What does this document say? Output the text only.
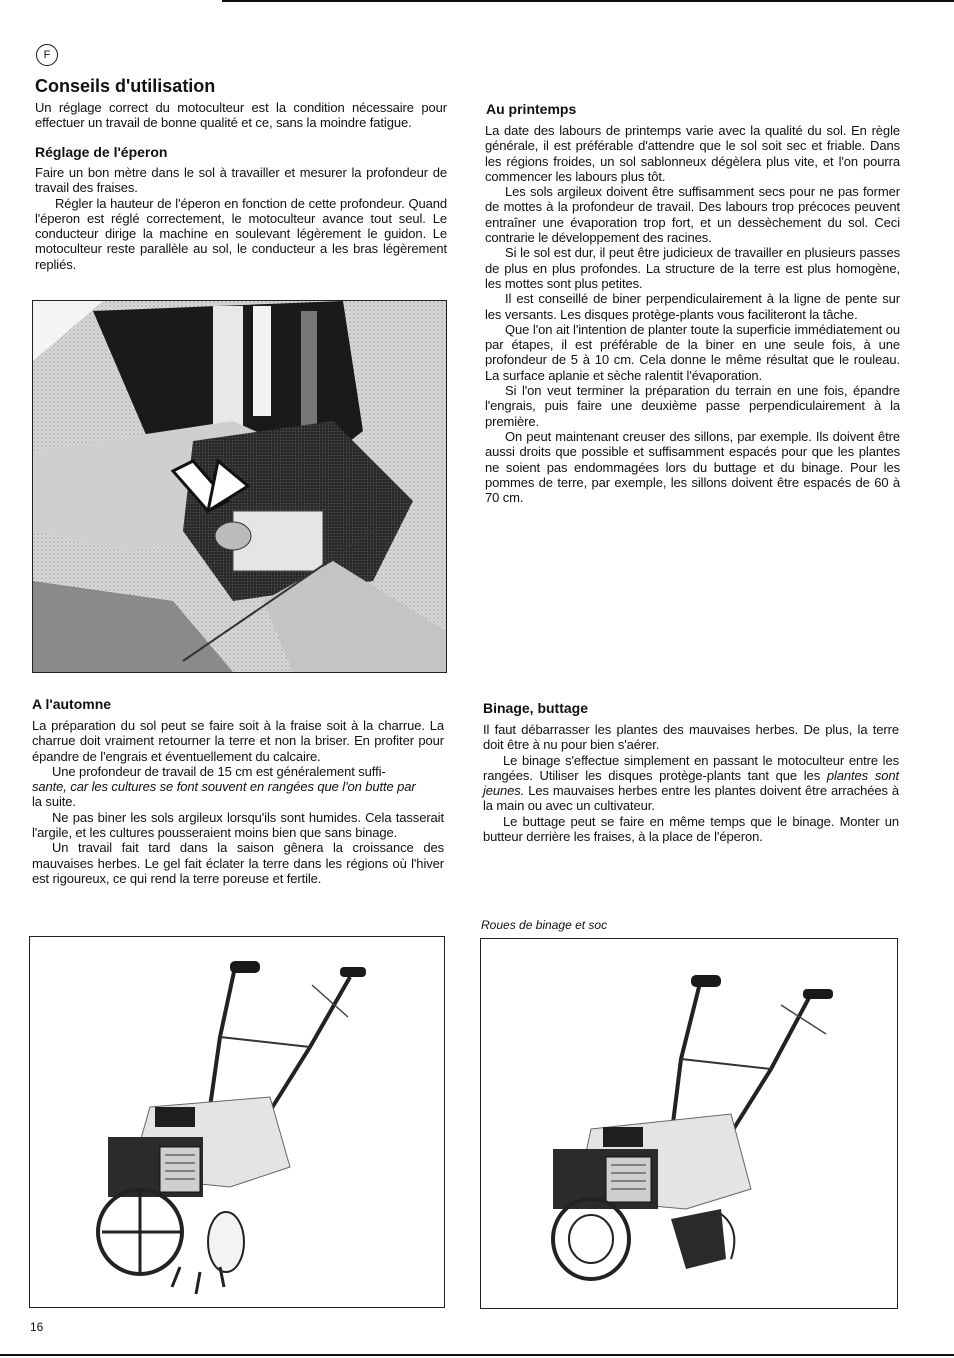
F
Conseils d'utilisation

Un réglage correct du motoculteur est la condition nécessaire pour effectuer un travail de bonne qualité et ce, sans la moindre fatigue.

Réglage de l'éperon

Faire un bon mètre dans le sol à travailler et mesurer la profondeur de travail des fraises.

Régler la hauteur de l'éperon en fonction de cette profondeur. Quand l'éperon est réglé correctement, le motoculteur avance tout seul. Le conducteur dirige la machine en soulevant légèrement le guidon. Le motoculteur reste parallèle au sol, le conducteur a les bras légèrement repliés.

A l'automne

La préparation du sol peut se faire soit à la fraise soit à la charrue. La charrue doit vraiment retourner la terre et non la briser. En profiter pour épandre de l'engrais et éventuellement du calcaire.

Une profondeur de travail de 15 cm est généralement suffi-

sante, car les cultures se font souvent en rangées que l'on butte par

la suite.

Ne pas biner les sols argileux lorsqu'ils sont humides. Cela tasserait l'argile, et les cultures pousseraient moins bien que sans binage.

Un travail fait tard dans la saison gênera la croissance des mauvaises herbes. Le gel fait éclater la terre dans les régions où l'hiver est rigoureux, ce qui rend la terre poreuse et fertile.

Au printemps

La date des labours de printemps varie avec la qualité du sol. En règle générale, il est préférable d'attendre que le sol soit sec et friable. Dans les régions froides, un sol sablonneux dégèlera plus vite, et l'on pourra commencer les labours plus tôt.

Les sols argileux doivent être suffisamment secs pour ne pas former de mottes à la profondeur de travail. Des labours trop précoces peuvent entraîner une évaporation trop fort, et un dessèchement du sol. Ceci contrarie le développement des racines.

Si le sol est dur, il peut être judicieux de travailler en plusieurs passes de plus en plus profondes. La structure de la terre est plus homogène, les mottes sont plus petites.

Il est conseillé de biner perpendiculairement à la ligne de pente sur les versants. Les disques protège-plants vous faciliteront la tâche.

Que l'on ait l'intention de planter toute la superficie immédiatement ou par étapes, il est préférable de la biner en une seule fois, à une profondeur de 5 à 10 cm. Cela donne le même résultat que le rouleau. La surface aplanie et sèche ralentit l'évaporation.

Si l'on veut terminer la préparation du terrain en une fois, épandre l'engrais, puis faire une deuxième passe perpendiculairement à la première.

On peut maintenant creuser des sillons, par exemple. Ils doivent être aussi droits que possible et suffisamment espacés pour que les plantes ne soient pas endommagées lors du buttage et du binage. Pour les pommes de terre, par exemple, les sillons doivent être espacés de 60 à 70 cm.

Binage, buttage

Il faut débarrasser les plantes des mauvaises herbes. De plus, la terre doit être à nu pour bien s'aérer.

Le binage s'effectue simplement en passant le motoculteur entre les rangées. Utiliser les disques protège-plants tant que les plantes sont jeunes. Les mauvaises herbes entre les plantes doivent être arrachées à la main ou avec un cultivateur.

Le buttage peut se faire en même temps que le binage. Monter un butteur derrière les fraises, à la place de l'éperon.

Roues de binage et soc

16
